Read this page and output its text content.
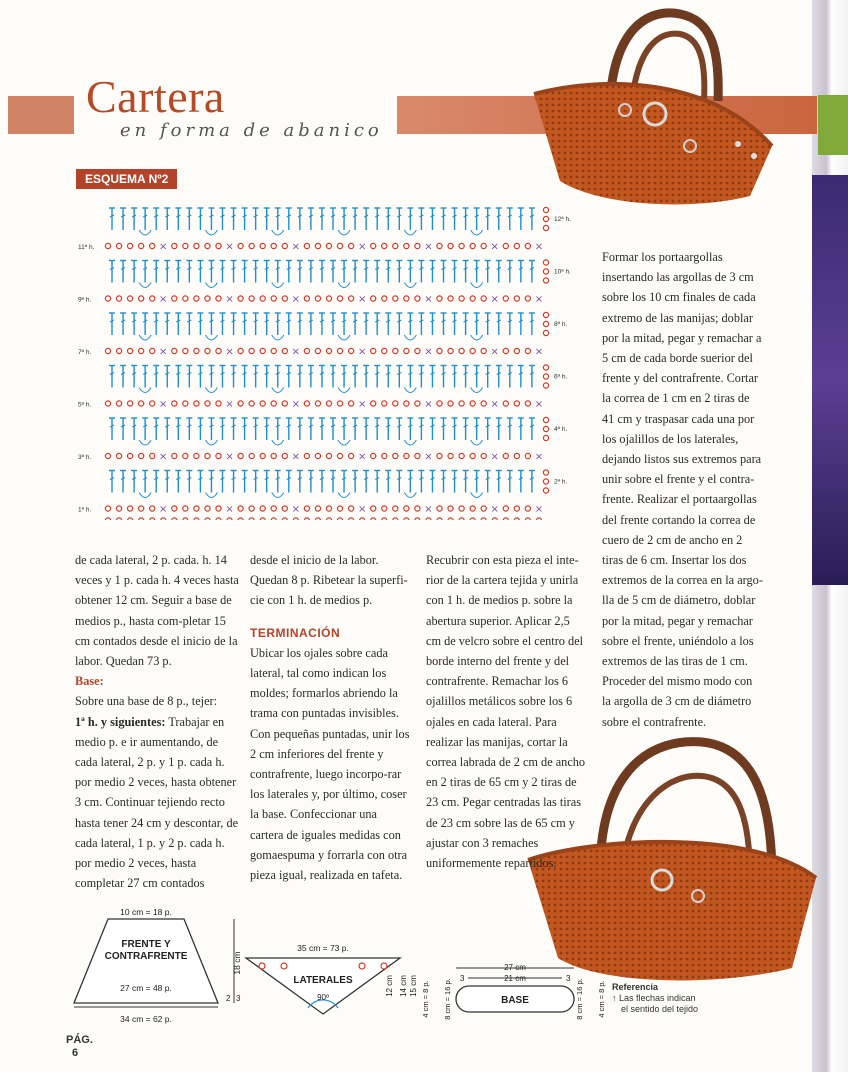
Cartera
en forma de abanico
ESQUEMA Nº2
×	×	×	×	×	×	×
11ª h.
12ª h.
×	×	×	×	×	×	×
9ª h.
10ª h.
×	×	×	×	×	×	×
7ª h.
8ª h.
×	×	×	×	×	×	×
5ª h.
6ª h.
×	×	×	×	×	×	×
3ª h.
4ª h.
×	×	×	×	×	×	×
1ª h.
2ª h.

de cada lateral, 2 p. cada. h. 14 veces y 1 p. cada h. 4 veces hasta obtener 12 cm. Seguir a base de medios p., hasta com-pletar 15 cm contados desde el inicio de la labor. Quedan 73 p.

Base:

Sobre una base de 8 p., tejer:

1ª h. y siguientes: Trabajar en medio p. e ir aumentando, de cada lateral, 2 p. y 1 p. cada h. por medio 2 veces, hasta obtener 3 cm. Continuar tejiendo recto hasta tener 24 cm y descontar, de cada lateral, 1 p. y 2 p. cada h. por medio 2 veces, hasta completar 27 cm contados

desde el inicio de la labor. Quedan 8 p. Ribetear la superfi-cie con 1 h. de medios p.

TERMINACIÓN

Ubicar los ojales sobre cada lateral, tal como indican los moldes; formarlos abriendo la trama con puntadas invisibles. Con pequeñas puntadas, unir los 2 cm inferiores del frente y contrafrente, luego incorpo-rar los laterales y, por último, coser la base. Confeccionar una cartera de iguales medidas con gomaespuma y forrarla con otra pieza igual, realizada en tafeta.

Recubrir con esta pieza el inte-rior de la cartera tejida y unirla con 1 h. de medios p. sobre la abertura superior. Aplicar 2,5 cm de velcro sobre el centro del borde interno del frente y del contrafrente. Remachar los 6 ojalillos metálicos sobre los 6 ojales en cada lateral. Para realizar las manijas, cortar la correa labrada de 2 cm de ancho en 2 tiras de 65 cm y 2 tiras de 23 cm. Pegar centradas las tiras de 23 cm sobre las de 65 cm y ajustar con 3 remaches uniformemente repartidos.

Formar los portaargollas insertando las argollas de 3 cm sobre los 10 cm finales de cada extremo de las manijas; doblar por la mitad, pegar y remachar a 5 cm de cada borde suerior del frente y del contrafrente. Cortar la correa de 1 cm en 2 tiras de 41 cm y traspasar cada una por los ojalillos de los laterales, dejando listos sus extremos para unir sobre el frente y el contra-frente. Realizar el portaargollas del frente cortando la correa de cuero de 2 cm de ancho en 2 tiras de 6 cm. Insertar los dos extremos de la correa en la argo-lla de 5 cm de diámetro, doblar por la mitad, pegar y remachar sobre el frente, uniéndolo a los extremos de las tiras de 1 cm. Proceder del mismo modo con la argolla de 3 cm de diámetro sobre el contrafrente.

10 cm = 18 p.
FRENTE Y
CONTRAFRENTE
27 cm = 48 p.
34 cm = 62 p.
18 cm
2 3
35 cm = 73 p.
LATERALES
90º
12 cm 14 cm 15 cm
27 cm
21 cm
3	3
BASE
4 cm = 8 p. 8 cm = 16 p.	8 cm = 16 p. 4 cm = 8 p. Referencia
↑ Las flechas indican
el sentido del tejido
PÁG.
6
